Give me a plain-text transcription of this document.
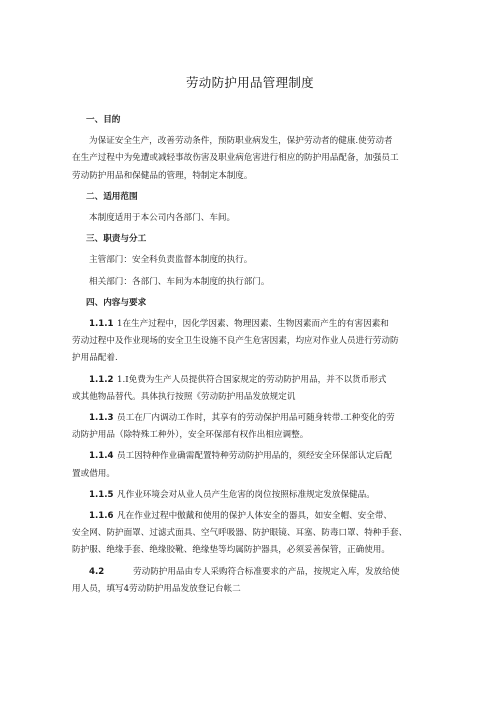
劳动防护用品管理制度
一、目的
为保证安全生产，改善劳动条件，预防职业病发生，保护劳动者的健康.使劳动者
在生产过程中为免遭或减轻事故伤害及职业病危害进行相应的防护用品配备，加强员工
劳动防护用品和保健品的管理，特制定本制度。
二、适用范围
本制度适用于本公司内各部门、车间。
三、职责与分工
主管部门：安全科负责监督本制度的执行。
相关部门：各部门、车间为本制度的执行部门。
四、内容与要求
1.1.1 1在生产过程中，因化学因素、物理因素、生物因素而产生的有害因素和
劳动过程中及作业现场的安全卫生设施不良产生危害因素，均应对作业人员进行劳动防
护用品配着.
1.1.2 1.I免费为生产人员提供符合国家规定的劳动防护用品，并不以货币形式
或其他物品替代。具体执行按照《劳动防护用品发放规定讥
1.1.3 员工在厂内调动工作时，其享有的劳动保护用品可随身转带.工种变化的劳
动防护用品（除特殊工种外），安全环保部有权作出相应调整。
1.1.4 员工因特种作业确需配置特种劳动防护用品的，须经安全环保部认定后配
置或借用。
1.1.5 凡作业环境会对从业人员产生危害的岗位按照标准规定发放保健品。
1.1.6 凡在作业过程中傲戴和使用的保护人体安全的器具，如安全帽、安全带、
安全网、防护面罩、过滤式面具、空气呼吸器、防护眼镜、耳塞、防毒口罩、特种手套、
防护服、绝缘手套、绝缘胶靴、绝缘垫等均属防护器具，必须妥善保管，正确使用。
4.2	劳动防护用品由专人采购符合标准要求的产品，按规定入库，发放给使
用人员，填写4劳动防护用品发放登记台帐二
